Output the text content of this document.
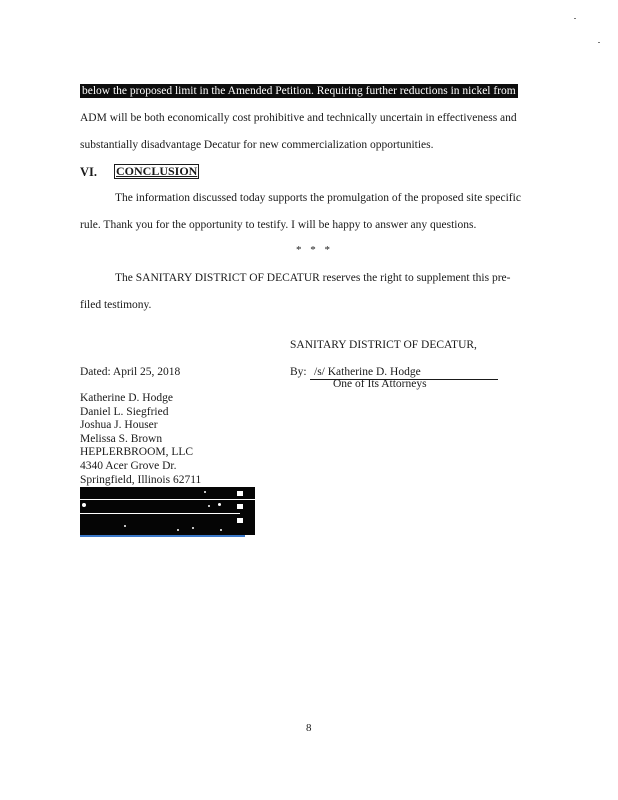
below the proposed limit in the Amended Petition. Requiring further reductions in nickel from
ADM will be both economically cost prohibitive and technically uncertain in effectiveness and
substantially disadvantage Decatur for new commercialization opportunities.
VI. CONCLUSION
The information discussed today supports the promulgation of the proposed site specific
rule. Thank you for the opportunity to testify. I will be happy to answer any questions.
* * *
The SANITARY DISTRICT OF DECATUR reserves the right to supplement this pre-
filed testimony.
SANITARY DISTRICT OF DECATUR,
Dated: April 25, 2018	By: /s/ Katherine D. Hodge
One of Its Attorneys
Katherine D. Hodge
Daniel L. Siegfried
Joshua J. Houser
Melissa S. Brown
HEPLERBROOM, LLC
4340 Acer Grove Dr.
Springfield, Illinois 62711
8
